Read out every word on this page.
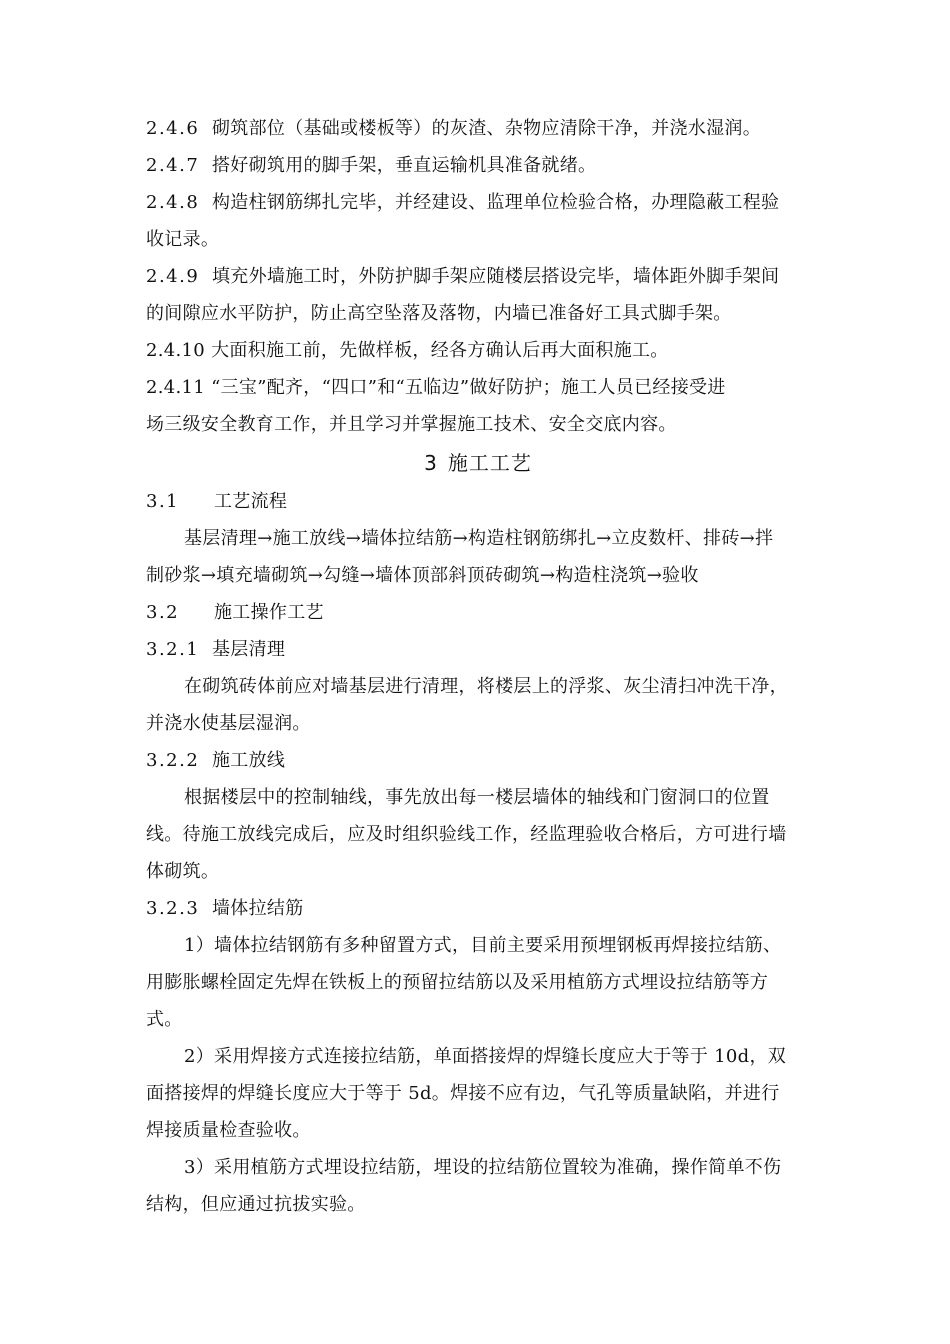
2.4.6 砌筑部位（基础或楼板等）的灰渣、杂物应清除干净，并浇水湿润。
2.4.7 搭好砌筑用的脚手架，垂直运输机具准备就绪。
2.4.8 构造柱钢筋绑扎完毕，并经建设、监理单位检验合格，办理隐蔽工程验
收记录。
2.4.9 填充外墙施工时，外防护脚手架应随楼层搭设完毕，墙体距外脚手架间
的间隙应水平防护，防止高空坠落及落物，内墙已准备好工具式脚手架。
2.4.10 大面积施工前，先做样板，经各方确认后再大面积施工。
2.4.11 “三宝”配齐，“四口”和“五临边”做好防护；施工人员已经接受进
场三级安全教育工作，并且学习并掌握施工技术、安全交底内容。
3 施工工艺
3.1 工艺流程
基层清理→施工放线→墙体拉结筋→构造柱钢筋绑扎→立皮数杆、排砖→拌
制砂浆→填充墙砌筑→勾缝→墙体顶部斜顶砖砌筑→构造柱浇筑→验收
3.2 施工操作工艺
3.2.1 基层清理
在砌筑砖体前应对墙基层进行清理，将楼层上的浮浆、灰尘清扫冲洗干净，
并浇水使基层湿润。
3.2.2 施工放线
根据楼层中的控制轴线，事先放出每一楼层墙体的轴线和门窗洞口的位置
线。待施工放线完成后，应及时组织验线工作，经监理验收合格后，方可进行墙
体砌筑。
3.2.3 墙体拉结筋
1）墙体拉结钢筋有多种留置方式，目前主要采用预埋钢板再焊接拉结筋、
用膨胀螺栓固定先焊在铁板上的预留拉结筋以及采用植筋方式埋设拉结筋等方
式。
2）采用焊接方式连接拉结筋，单面搭接焊的焊缝长度应大于等于 10d，双
面搭接焊的焊缝长度应大于等于 5d。焊接不应有边，气孔等质量缺陷，并进行
焊接质量检查验收。
3）采用植筋方式埋设拉结筋，埋设的拉结筋位置较为准确，操作简单不伤
结构，但应通过抗拔实验。
